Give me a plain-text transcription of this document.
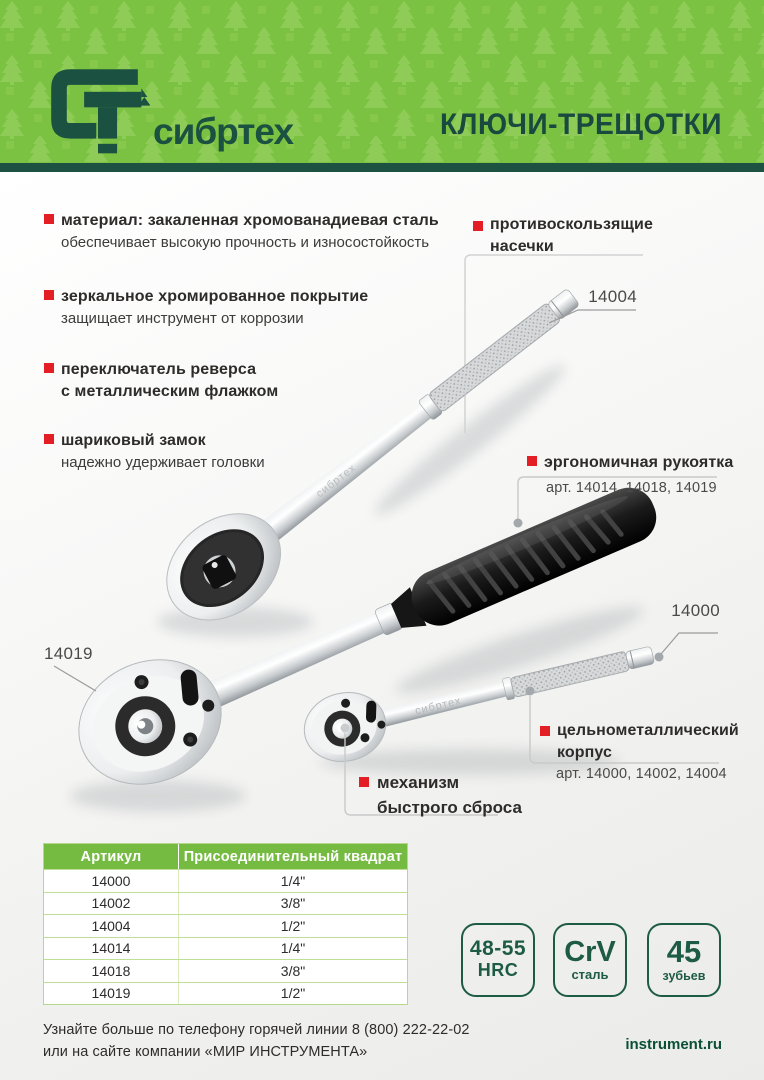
сибртех	КЛЮЧИ-ТРЕЩОТКИ
сибртех
сибртех
материал: закаленная хромованадиевая сталь
обеспечивает высокую прочность и износостойкость
зеркальное хромированное покрытие
защищает инструмент от коррозии
переключатель реверса
с металлическим флажком
шариковый замок
надежно удерживает головки
противоскользящие
насечки
14004
эргономичная рукоятка
арт. 14014, 14018, 14019
14000
цельнометаллический
корпус
арт. 14000, 14002, 14004
14019
механизм
быстрого сброса
Артикул	Присоединительный квадрат
14000	1/4"
14002	3/8"
14004	1/2"
14014	1/4"
14018	3/8"
14019	1/2"
48-55
HRC
CrV
сталь
45
зубьев
Узнайте больше по телефону горячей линии 8 (800) 222-22-02
или на сайте компании «МИР ИНСТРУМЕНТА»	instrument.ru
